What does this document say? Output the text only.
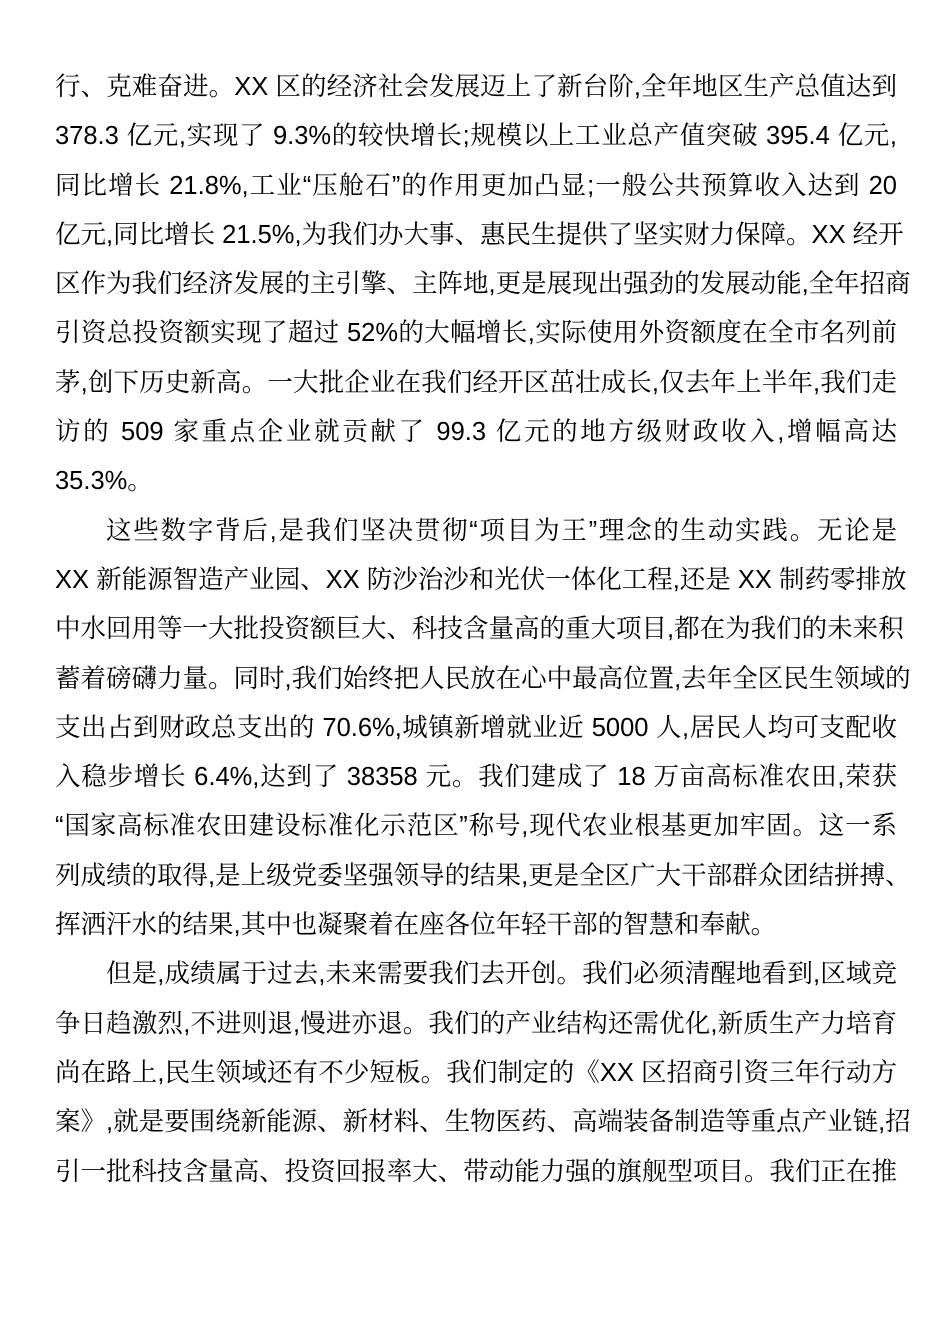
行、克难奋进。XX 区的经济社会发展迈上了新台阶,全年地区生产总值达到
378.3 亿元,实现了 9.3%的较快增长;规模以上工业总产值突破 395.4 亿元,
同比增长 21.8%,工业“压舱石”的作用更加凸显;一般公共预算收入达到 20
亿元,同比增长 21.5%,为我们办大事、惠民生提供了坚实财力保障。XX 经开
区作为我们经济发展的主引擎、主阵地,更是展现出强劲的发展动能,全年招商
引资总投资额实现了超过 52%的大幅增长,实际使用外资额度在全市名列前
茅,创下历史新高。一大批企业在我们经开区茁壮成长,仅去年上半年,我们走
访的 509 家重点企业就贡献了 99.3 亿元的地方级财政收入,增幅高达
35.3%。
这些数字背后,是我们坚决贯彻“项目为王”理念的生动实践。无论是
XX 新能源智造产业园、XX 防沙治沙和光伏一体化工程,还是 XX 制药零排放
中水回用等一大批投资额巨大、科技含量高的重大项目,都在为我们的未来积
蓄着磅礴力量。同时,我们始终把人民放在心中最高位置,去年全区民生领域的
支出占到财政总支出的 70.6%,城镇新增就业近 5000 人,居民人均可支配收
入稳步增长 6.4%,达到了 38358 元。我们建成了 18 万亩高标准农田,荣获
“国家高标准农田建设标准化示范区”称号,现代农业根基更加牢固。这一系
列成绩的取得,是上级党委坚强领导的结果,更是全区广大干部群众团结拼搏、
挥洒汗水的结果,其中也凝聚着在座各位年轻干部的智慧和奉献。
但是,成绩属于过去,未来需要我们去开创。我们必须清醒地看到,区域竞
争日趋激烈,不进则退,慢进亦退。我们的产业结构还需优化,新质生产力培育
尚在路上,民生领域还有不少短板。我们制定的《XX 区招商引资三年行动方
案》,就是要围绕新能源、新材料、生物医药、高端装备制造等重点产业链,招
引一批科技含量高、投资回报率大、带动能力强的旗舰型项目。我们正在推
